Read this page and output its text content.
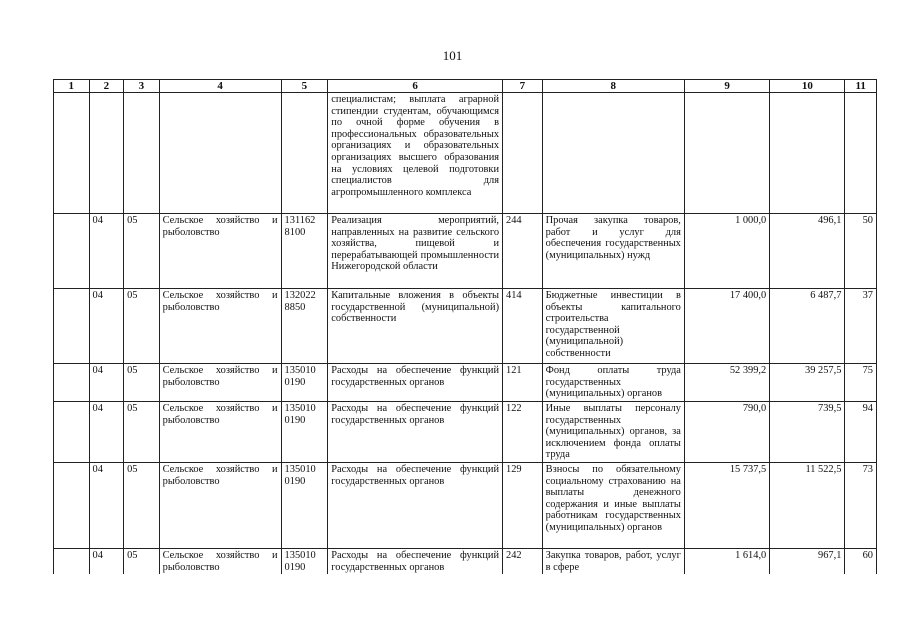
101
1	2	3	4	5	6	7	8	9	10	11
					специалистам; выплата аграрной стипендии студентам, обучающимся по очной форме обучения в профессиональных образовательных организациях и образовательных организациях высшего образования на условиях целевой подготовки специалистов для агропромышленного комплекса					
	04	05	Сельское хозяйство и рыболовство	131162 8100	Реализация мероприятий, направленных на развитие сельского хозяйства, пищевой и перерабатывающей промышленности Нижегородской области	244	Прочая закупка товаров, работ и услуг для обеспечения государственных (муниципальных) нужд	1 000,0	496,1	50
	04	05	Сельское хозяйство и рыболовство	132022 8850	Капитальные вложения в объекты государственной (муниципальной) собственности	414	Бюджетные инвестиции в объекты капитального строительства государственной (муниципальной) собственности	17 400,0	6 487,7	37
	04	05	Сельское хозяйство и рыболовство	135010 0190	Расходы на обеспечение функций государственных органов	121	Фонд оплаты труда государственных (муниципальных) органов	52 399,2	39 257,5	75
	04	05	Сельское хозяйство и рыболовство	135010 0190	Расходы на обеспечение функций государственных органов	122	Иные выплаты персоналу государственных (муниципальных) органов, за исключением фонда оплаты труда	790,0	739,5	94
	04	05	Сельское хозяйство и рыболовство	135010 0190	Расходы на обеспечение функций государственных органов	129	Взносы по обязательному социальному страхованию на выплаты денежного содержания и иные выплаты работникам государственных (муниципальных) органов	15 737,5	11 522,5	73
	04	05	Сельское хозяйство и рыболовство	135010 0190	Расходы на обеспечение функций государственных органов	242	Закупка товаров, работ, услуг в сфере	1 614,0	967,1	60
